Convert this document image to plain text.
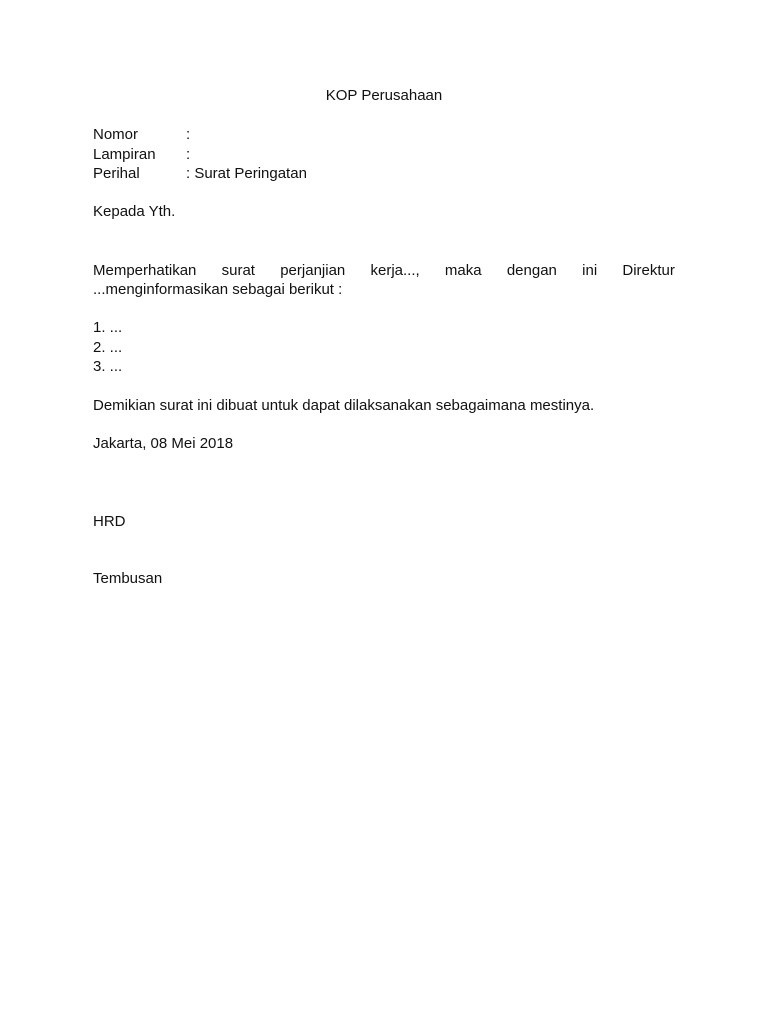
KOP Perusahaan
Nomor	:
Lampiran :
Perihal	: Surat Peringatan
Kepada Yth.
Memperhatikan surat perjanjian kerja..., maka dengan ini Direktur
...menginformasikan sebagai berikut :
1. ...
2. ...
3. ...
Demikian surat ini dibuat untuk dapat dilaksanakan sebagaimana mestinya.
Jakarta, 08 Mei 2018
HRD
Tembusan
